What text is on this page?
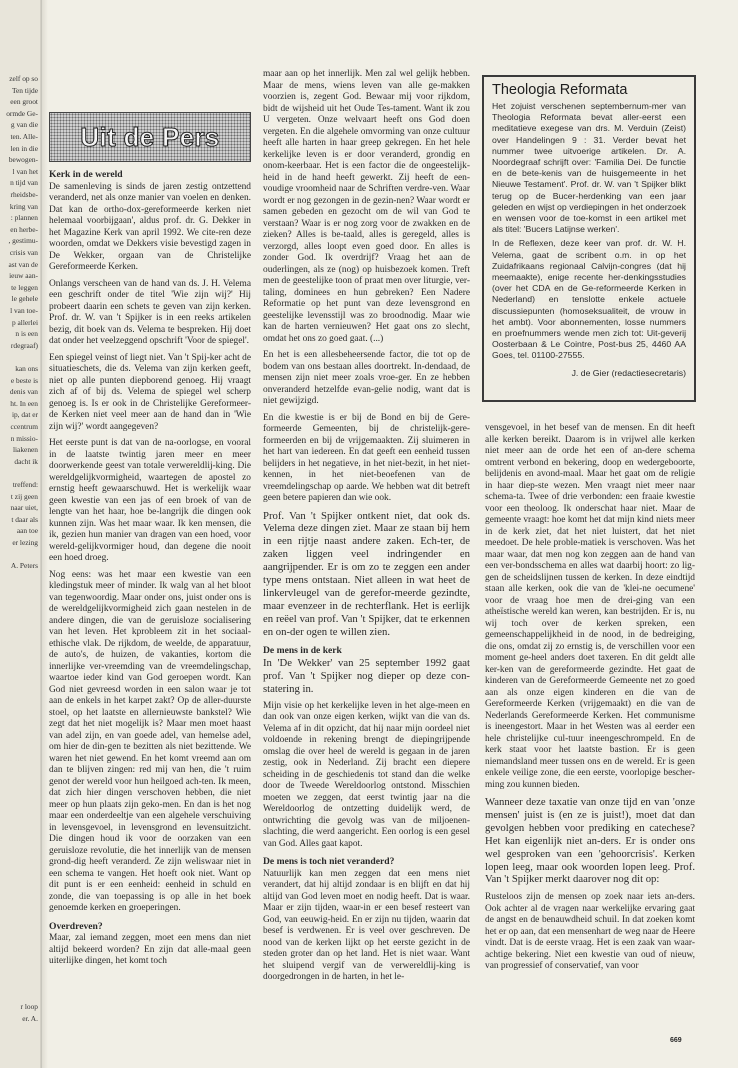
zelf op so
Ten tijde
een groot
ormde Ge-
g van die
ten. Alle-
len in die
bewogen-
l van het
n tijd van
rheidsbe-
kring van
: plannen
en herbe-
, gestimu-
crisis van
ast van de
ieuw aan-
te leggen
le gehele
l van toe-
p allerlei
n is een
rdegraaf)
kan ons
e beste is
denis van
ht. In een
ip, dat er
ccentrum
n missio-
liakenen
dacht ik
treffend:
t zij geen
naar uiet,
t daar als
aan toe
er lezing
A. Peters
r loop
er. A.
Uit de Pers
Kerk in de wereld

De samenleving is sinds de jaren zestig ontzettend veranderd, net als onze manier van voelen en denken. Dat kan de ortho-dox-gereformeerde kerken niet helemaal voorbijgaan', aldus prof. dr. G. Dekker in het Magazine Kerk van april 1992. We cite-ren deze woorden, omdat we Dekkers visie bevestigd zagen in De Wekker, orgaan van de Christelijke Gereformeerde Kerken.

Onlangs verscheen van de hand van ds. J. H. Velema een geschrift onder de titel 'Wie zijn wij?' Hij probeert daarin een schets te geven van zijn kerken. Prof. dr. W. van 't Spijker is in een reeks artikelen bezig, dit boek van ds. Velema te bespreken. Hij doet dat onder het veelzeggend opschrift 'Voor de spiegel'.

Een spiegel veinst of liegt niet. Van 't Spij-ker acht de situatieschets, die ds. Velema van zijn kerken geeft, niet op alle punten diepborend genoeg. Hij vraagt zich af of bij ds. Velema de spiegel wel scherp genoeg is. Is er ook in de Christelijke Gereformeer-de Kerken niet veel meer aan de hand dan in 'Wie zijn wij?' wordt aangegeven?

Het eerste punt is dat van de na-oorlogse, en vooral in de laatste twintig jaren meer en meer doorwerkende geest van totale verwereldlij-king. Die wereldgelijkvormigheid, waartegen de apostel zo ernstig heeft gewaarschuwd. Het is werkelijk waar geen kwestie van een jas of een broek of van de lengte van het haar, hoe be-langrijk die dingen ook kunnen zijn. Was het maar waar. Ik ken mensen, die ik, gezien hun manier van dragen van een hoed, voor wereld-gelijkvormiger houd, dan degene die nooit een hoed droeg.

Nog eens: was het maar een kwestie van een kledingstuk meer of minder. Ik walg van al het bloot van tegenwoordig. Maar onder ons, juist onder ons is de wereldgelijkvormigheid zich gaan nestelen in de andere dingen, die van de geruisloze socialisering van het leven. Het kprobleem zit in het sociaal-ethische vlak. De rijkdom, de weelde, de apparatuur, de auto's, de huizen, de vakanties, kortom die innerlijke ver-vreemding van de vreemdelingschap, waartoe ieder kind van God geroepen wordt. Kan God niet gevreesd worden in een salon waar je tot aan de enkels in het karpet zakt? Op de aller-duurste stoel, op het laatste en allernieuwste bankstel? Wie zegt dat het niet mogelijk is? Maar men moet haast van adel zijn, en van goede adel, van hemelse adel, om hier de din-gen te bezitten als niet bezittende. We waren het niet gewend. En het komt vreemd aan om dan te blijven zingen: red mij van hen, die 't ruim genot der wereld voor hun heilgoed ach-ten. Ik meen, dat zich hier dingen verschoven hebben, die niet meer op hun plaats zijn geko-men. En dan is het nog maar een onderdeeltje van een algehele verschuiving in levensgevoel, in levensgrond en levensuitzicht. Die dingen houd ik voor de oorzaken van een geruisloze revolutie, die het innerlijk van de mensen grond-dig heeft veranderd. Ze zijn weliswaar niet in een schema te vangen. Het hoeft ook niet. Want op dit punt is er een eenheid: eenheid in schuld en zonde, die van toepassing is op alle in het boek genoemde kerken en groeperingen.

Overdreven?

Maar, zal iemand zeggen, moet een mens dan niet altijd bekeerd worden? En zijn dat alle-maal geen uiterlijke dingen, het komt toch

maar aan op het innerlijk. Men zal wel gelijk hebben. Maar de mens, wiens leven van alle ge-makken voorzien is, zegent God. Bewaar mij voor rijkdom, bidt de wijsheid uit het Oude Tes-tament. Want ik zou U vergeten. Onze welvaart heeft ons God doen vergeten. En die algehele omvorming van onze cultuur heeft alle harten in haar greep gekregen. En het hele kerkelijke leven is er door veranderd, grondig en onom-keerbaar. Het is een factor die de ongeestelijk-heid in de hand heeft gewerkt. Zij heeft de een-voudige vroomheid naar de Schriften verdre-ven. Waar wordt er nog gezongen in de gezin-nen? Waar wordt er samen gebeden en gezocht om de wil van God te verstaan? Waar is er nog zorg voor de zwakken en de zieken? Alles is be-taald, alles is geregeld, alles is verzorgd, alles loopt even goed door. En alles is zonder God. Ik overdrijf? Vraag het aan de ouderlingen, als ze (nog) op huisbezoek komen. Treft men de geestelijke toon of praat men over liturgie, ver-taling, dominees en hun gebreken? Een Nadere Reformatie op het punt van deze levensgrond en geestelijke levensstijl was zo broodnodig. Maar wie kan de harten vernieuwen? Het gaat ons zo slecht, omdat het ons zo goed gaat. (...)

En het is een allesbeheersende factor, die tot op de bodem van ons bestaan alles doortrekt. In-dendaad, de mensen zijn niet meer zoals vroe-ger. En ze hebben onveranderd hetzelfde evan-gelie nodig, want dat is niet gewijzigd.

En die kwestie is er bij de Bond en bij de Gere-formeerde Gemeenten, bij de christelijk-gere-formeerden en bij de vrijgemaakten. Zij sluimeren in het hart van iedereen. En dat geeft een eenheid tussen belijders in het negatieve, in het niet-bezit, in het niet-kennen, in het niet-beoefenen van de vreemdelingschap op aarde. We hebben wat dit betreft geen betere papieren dan wie ook.

Prof. Van 't Spijker ontkent niet, dat ook ds. Velema deze dingen ziet. Maar ze staan bij hem in een rijtje naast andere zaken. Ech-ter, de zaken liggen veel indringender en aangrijpender. Er is om zo te zeggen een ander type mens ontstaan. Niet alleen in wat heet de linkervleugel van de gerefor-meerde gezindte, maar evenzeer in de rechterflank. Het is eerlijk en reëel van prof. Van 't Spijker, dat te erkennen en on-der ogen te willen zien.

De mens in de kerk

In 'De Wekker' van 25 september 1992 gaat prof. Van 't Spijker nog dieper op deze con-statering in.

Mijn visie op het kerkelijke leven in het alge-meen en dan ook van onze eigen kerken, wijkt van die van ds. Velema af in dit opzicht, dat hij naar mijn oordeel niet voldoende in rekening brengt de diepingrijpende omslag die over heel de wereld is gegaan in de jaren zestig, ook in Nederland. Zij bracht een diepere scheiding in de geschiedenis tot stand dan die welke door de Tweede Wereldoorlog ontstond. Misschien moeten we zeggen, dat eerst twintig jaar na die Wereldoorlog de ontzetting duidelijk werd, de ontwrichting die gevolg was van de miljoenen-slachting, die werd aangericht. Een oorlog is een gesel van God. Alles gaat kapot.

De mens is toch niet veranderd?

Natuurlijk kan men zeggen dat een mens niet verandert, dat hij altijd zondaar is en blijft en dat hij altijd van God leven moet en nodig heeft. Dat is waar. Maar er zijn tijden, waar-in er een besef resteert van God, van eeuwig-heid. En er zijn nu tijden, waarin dat besef is verdwenen. Er is veel over geschreven. De nood van de kerken lijkt op het eerste gezicht in de steden groter dan op het land. Het is niet waar. Want het sluipend vergif van de verwereldlij-king is doorgedrongen in de harten, in het le-

Theologia Reformata

Het zojuist verschenen septembernum-mer van Theologia Reformata bevat aller-eerst een meditatieve exegese van drs. M. Verduin (Zeist) over Handelingen 9 : 31. Verder bevat het nummer twee uitvoerige artikelen. Dr. A. Noordegraaf schrijft over: 'Familia Dei. De functie en de bete-kenis van de huisgemeente in het Nieuwe Testament'. Prof. dr. W. van 't Spijker blikt terug op de Bucer-herdenking van een jaar geleden en wijst op verdiepingen in het onderzoek en wensen voor de toe-komst in een artikel met als titel: 'Bucers Latijnse werken'.

In de Reflexen, deze keer van prof. dr. W. H. Velema, gaat de scribent o.m. in op het Zuidafrikaans regionaal Calvijn-congres (dat hij meemaakte), enige recente her-denkingsstudies (over het CDA en de Ge-reformeerde Kerken in Nederland) en tenslotte enkele actuele discussiepunten (homoseksualiteit, de vrouw in het ambt). Voor abonnementen, losse nummers en proefnummers wende men zich tot: Uit-geverij Oosterbaan & Le Cointre, Post-bus 25, 4460 AA Goes, tel. 01100-27555.

J. de Gier (redactiesecretaris)

vensgevoel, in het besef van de mensen. En dit heeft alle kerken bereikt. Daarom is in vrijwel alle kerken niet meer aan de orde het een of an-dere schema omtrent verbond en bekering, doop en wedergeboorte, belijdenis en avond-maal. Maar het gaat om de religie in haar diep-ste wezen. Men vraagt niet meer naar schema-ta. Twee of drie verbonden: een fraaie kwestie voor een theoloog. Ik onderschat haar niet. Maar de gemeente vraagt: hoe komt het dat mijn kind niets meer in de kerk ziet, dat het niet luistert, dat het niet meedoet. De hele proble-matiek is verschoven. Was het maar waar, dat men nog kon zeggen aan de hand van een ver-bondsschema en alles wat daarbij hoort: zo lig-gen de scheidslijnen tussen de kerken. In deze eindtijd staan alle kerken, ook die van de 'klei-ne oecumene' voor de vraag hoe men de drei-ging van een atheïstische wereld kan weren, kan bestrijden. Er is, nu wij toch over de kerken spreken, een gemeenschappelijkheid in de nood, in de bedreiging, die ons, omdat zij zo ernstig is, de verschillen voor een moment ge-heel anders doet taxeren. En dit geldt alle ker-ken van de gereformeerde gezindte. Het gaat de kinderen van de Gereformeerde Gemeente net zo goed aan als onze eigen kinderen en die van de Gereformeerde Kerken (vrijgemaakt) en die van de Nederlands Gereformeerde Kerken. Het communisme is ineengestort. Maar in het Westen was al eerder een hele christelijke cul-tuur ineengeschrompeld. En de kerk staat voor het laatste bastion. Er is geen niemandsland meer tussen ons en de wereld. Er is geen enkele veilige zone, die een eerste, voorlopige bescher-ming zou kunnen bieden.

Wanneer deze taxatie van onze tijd en van 'onze mensen' juist is (en ze is juist!), moet dat dan gevolgen hebben voor prediking en catechese? Het kan eigenlijk niet an-ders. Er is onder ons wel gesproken van een 'gehoorcrisis'. Kerken lopen leeg, maar ook woorden lopen leeg. Prof. Van 't Spijker merkt daarover nog dit op:

Rusteloos zijn de mensen op zoek naar iets an-ders. Ook achter al de vragen naar werkelijke ervaring gaat de angst en de benauwdheid schuil. In dat zoeken komt het er op aan, dat een mensenhart de weg naar de Heere vindt. Dat is de eerste vraag. Het is een zaak van waar-achtige bekering. Niet een kwestie van oud of nieuw, van progressief of conservatief, van voor

669
